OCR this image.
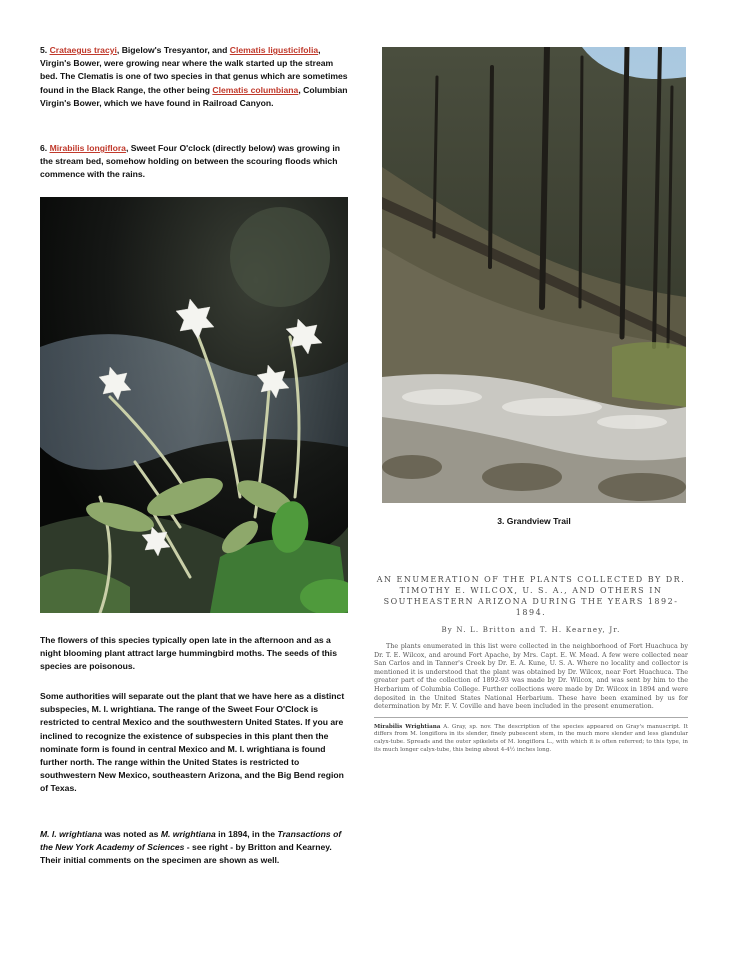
5. Crataegus tracyi, Bigelow's Tresyantor, and Clematis ligusticifolia, Virgin's Bower, were growing near where the walk started up the stream bed. The Clematis is one of two species in that genus which are sometimes found in the Black Range, the other being Clematis columbiana, Columbian Virgin's Bower, which we have found in Railroad Canyon.

6. Mirabilis longiflora, Sweet Four O'clock (directly below) was growing in the stream bed, somehow holding on between the scouring floods which commence with the rains.

The flowers of this species typically open late in the afternoon and as a night blooming plant attract large hummingbird moths. The seeds of this species are poisonous.

Some authorities will separate out the plant that we have here as a distinct subspecies, M. l. wrightiana. The range of the Sweet Four O'Clock is restricted to central Mexico and the southwestern United States. If you are inclined to recognize the existence of subspecies in this plant then the nominate form is found in central Mexico and M. l. wrightiana is found further north. The range within the United States is restricted to southwestern New Mexico, southeastern Arizona, and the Big Bend region of Texas.

M. l. wrightiana was noted as M. wrightiana in 1894, in the Transactions of the New York Academy of Sciences - see right - by Britton and Kearney. Their initial comments on the specimen are shown as well.

3. Grandview Trail

AN ENUMERATION OF THE PLANTS COLLECTED BY DR. TIMOTHY E. WILCOX, U. S. A., AND OTHERS IN SOUTHEASTERN ARIZONA DURING THE YEARS 1892-1894.

By N. L. Britton and T. H. Kearney, Jr.

The plants enumerated in this list were collected in the neighborhood of Fort Huachuca by Dr. T. E. Wilcox, and around Fort Apache, by Mrs. Capt. E. W. Mead. A few were collected near San Carlos and in Tanner's Creek by Dr. E. A. Kune, U. S. A. Where no locality and collector is mentioned it is understood that the plant was obtained by Dr. Wilcox, near Fort Huachuca. The greater part of the collection of 1892-93 was made by Dr. Wilcox, and was sent by him to the Herbarium of Columbia College. Further collections were made by Dr. Wilcox in 1894 and were deposited in the United States National Herbarium. These have been examined by us for determination by Mr. F. V. Coville and have been included in the present enumeration.

Mirabilis Wrightiana A. Gray, sp. nov. The description of the species appeared on Gray's manuscript. It differs from M. longiflora in its slender, finely pubescent stem, in the much more slender and less glandular calyx-tube. Spreads and the outer spikelets of M. longiflora L., with which it is often referred; to this type, in its much longer calyx-tube, this being about 4-4½ inches long.
